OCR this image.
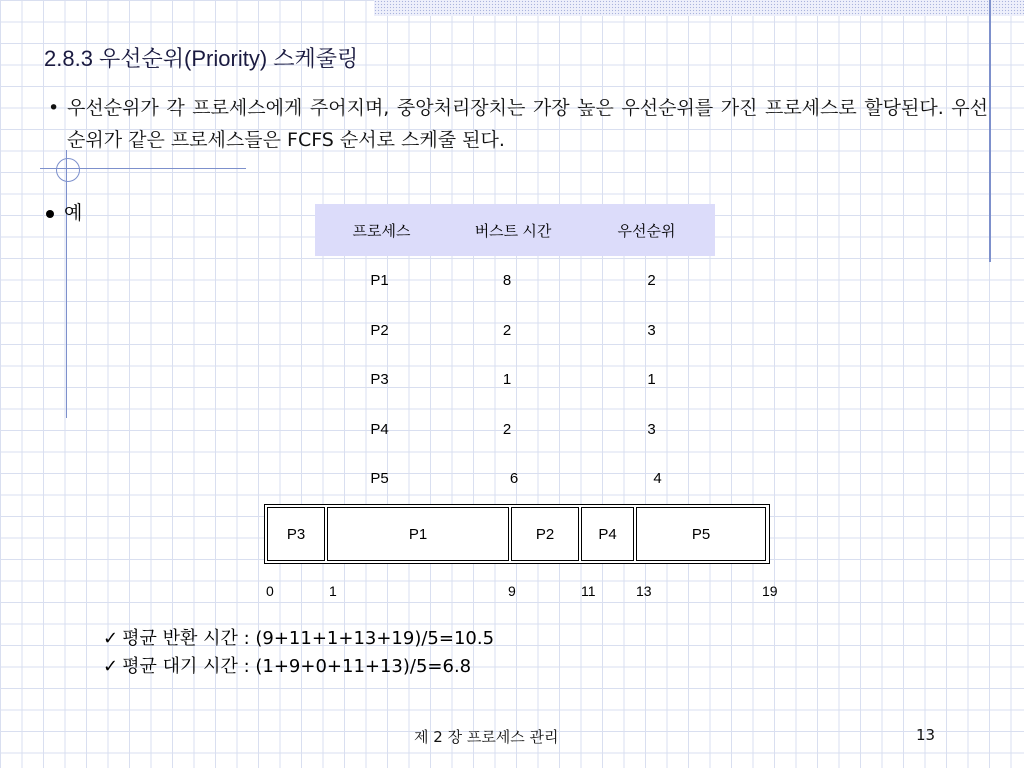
2.8.3 우선순위(Priority) 스케줄링
• 우선순위가 각 프로세스에게 주어지며, 중앙처리장치는 가장 높은 우선순위를 가진 프로세스로 할당된다. 우선순위가 같은 프로세스들은 FCFS 순서로 스케줄 된다.
예
프로세스	버스트 시간	우선순위
P1	8	2
P2	2	3
P3	1	1
P4	2	3
P5	6	4
P3	P1	P2	P4	P5
0	1	9	11	13	19
✓ 평균 반환 시간 : (9+11+1+13+19)/5=10.5
✓ 평균 대기 시간 : (1+9+0+11+13)/5=6.8
제 2 장 프로세스 관리	13
